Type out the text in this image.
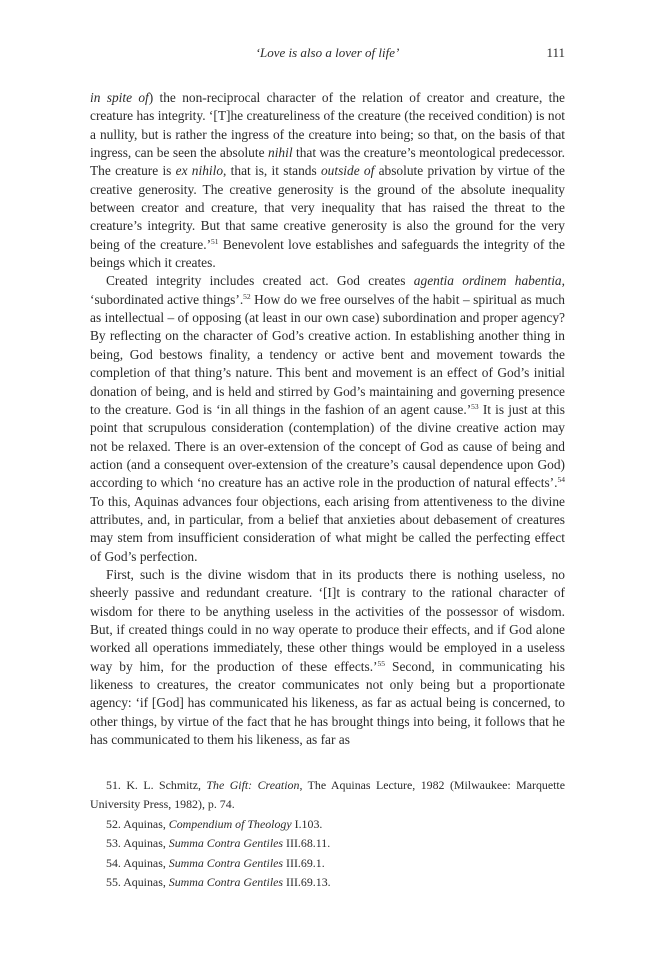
‘Love is also a lover of life’	111

in spite of) the non-reciprocal character of the relation of creator and creature, the creature has integrity. ‘[T]he creatureliness of the creature (the received condition) is not a nullity, but is rather the ingress of the creature into being; so that, on the basis of that ingress, can be seen the absolute nihil that was the creature’s meontological predecessor. The creature is ex nihilo, that is, it stands outside of absolute privation by virtue of the creative generosity. The creative generosity is the ground of the absolute inequality between creator and creature, that very inequality that has raised the threat to the creature’s integrity. But that same creative generosity is also the ground for the very being of the creature.’$^{51}$ Benevolent love establishes and safeguards the integrity of the beings which it creates.

Created integrity includes created act. God creates agentia ordinem habentia, ‘subordinated active things’.$^{52}$ How do we free ourselves of the habit – spiritual as much as intellectual – of opposing (at least in our own case) subordination and proper agency? By reflecting on the character of God’s creative action. In establishing another thing in being, God bestows finality, a tendency or active bent and movement towards the completion of that thing’s nature. This bent and movement is an effect of God’s initial donation of being, and is held and stirred by God’s maintaining and governing presence to the creature. God is ‘in all things in the fashion of an agent cause.’$^{53}$ It is just at this point that scrupulous consideration (contemplation) of the divine creative action may not be relaxed. There is an over-extension of the concept of God as cause of being and action (and a consequent over-extension of the creature’s causal dependence upon God) according to which ‘no creature has an active role in the production of natural effects’.$^{54}$ To this, Aquinas advances four objections, each arising from attentiveness to the divine attributes, and, in particular, from a belief that anxieties about debasement of creatures may stem from insufficient consideration of what might be called the perfecting effect of God’s perfection.

First, such is the divine wisdom that in its products there is nothing useless, no sheerly passive and redundant creature. ‘[I]t is contrary to the rational character of wisdom for there to be anything useless in the activities of the possessor of wisdom. But, if created things could in no way operate to produce their effects, and if God alone worked all operations immediately, these other things would be employed in a useless way by him, for the production of these effects.’$^{55}$ Second, in communicating his likeness to creatures, the creator communicates not only being but a proportionate agency: ‘if [God] has communicated his likeness, as far as actual being is concerned, to other things, by virtue of the fact that he has brought things into being, it follows that he has communicated to them his likeness, as far as

51. K. L. Schmitz, The Gift: Creation, The Aquinas Lecture, 1982 (Milwaukee: Marquette University Press, 1982), p. 74.

52. Aquinas, Compendium of Theology I.103.

53. Aquinas, Summa Contra Gentiles III.68.11.

54. Aquinas, Summa Contra Gentiles III.69.1.

55. Aquinas, Summa Contra Gentiles III.69.13.
